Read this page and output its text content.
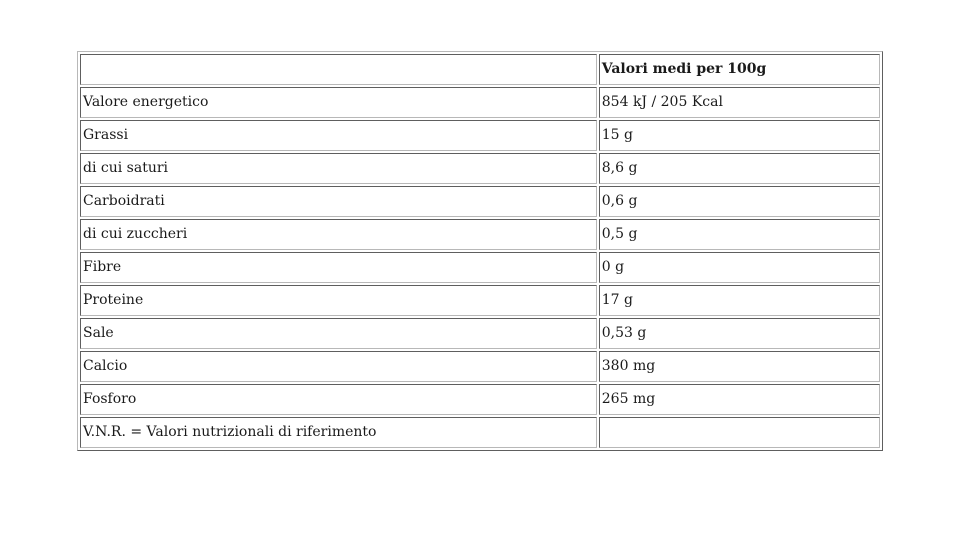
	Valori medi per 100g
Valore energetico	854 kJ / 205 Kcal
Grassi	15 g
di cui saturi	8,6 g
Carboidrati	0,6 g
di cui zuccheri	0,5 g
Fibre	0 g
Proteine	17 g
Sale	0,53 g
Calcio	380 mg
Fosforo	265 mg
V.N.R. = Valori nutrizionali di riferimento	
